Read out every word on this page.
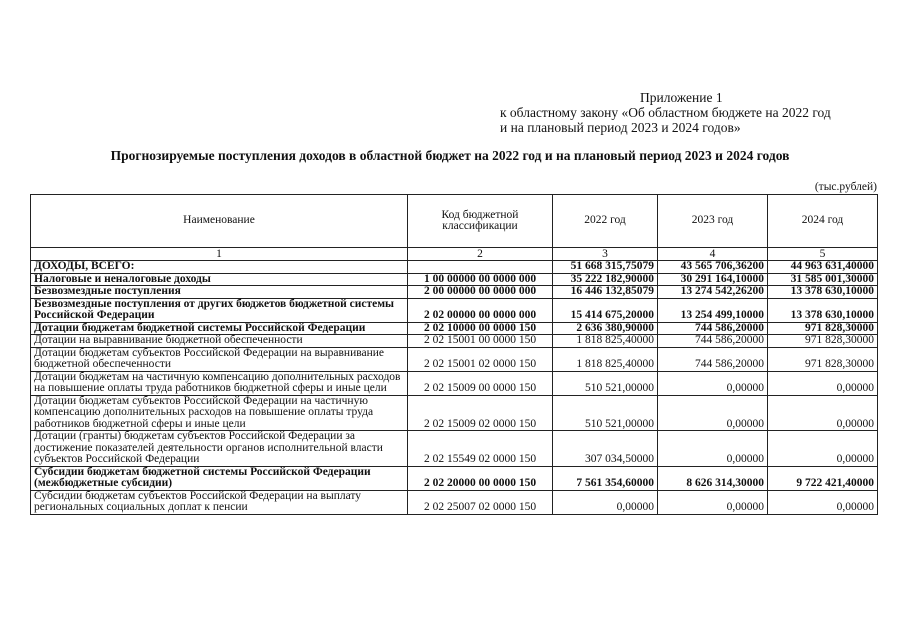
Приложение 1
к областному закону «Об областном бюджете на 2022 год
и на плановый период 2023 и 2024 годов»
Прогнозируемые поступления доходов в областной бюджет на 2022 год и на плановый период 2023 и 2024 годов
(тыс.рублей)
Наименование	Код бюджетной классификации	2022 год	2023 год	2024 год
1	2	3	4	5
ДОХОДЫ, ВСЕГО:		51 668 315,75079	43 565 706,36200	44 963 631,40000
Налоговые и неналоговые доходы	1 00 00000 00 0000 000	35 222 182,90000	30 291 164,10000	31 585 001,30000
Безвозмездные поступления	2 00 00000 00 0000 000	16 446 132,85079	13 274 542,26200	13 378 630,10000
Безвозмездные поступления от других бюджетов бюджетной системы Российской Федерации	2 02 00000 00 0000 000	15 414 675,20000	13 254 499,10000	13 378 630,10000
Дотации бюджетам бюджетной системы Российской Федерации	2 02 10000 00 0000 150	2 636 380,90000	744 586,20000	971 828,30000
Дотации на выравнивание бюджетной обеспеченности	2 02 15001 00 0000 150	1 818 825,40000	744 586,20000	971 828,30000
Дотации бюджетам субъектов Российской Федерации на выравнивание бюджетной обеспеченности	2 02 15001 02 0000 150	1 818 825,40000	744 586,20000	971 828,30000
Дотации бюджетам на частичную компенсацию дополнительных расходов на повышение оплаты труда работников бюджетной сферы и иные цели	2 02 15009 00 0000 150	510 521,00000	0,00000	0,00000
Дотации бюджетам субъектов Российской Федерации на частичную компенсацию дополнительных расходов на повышение оплаты труда работников бюджетной сферы и иные цели	2 02 15009 02 0000 150	510 521,00000	0,00000	0,00000
Дотации (гранты) бюджетам субъектов Российской Федерации за достижение показателей деятельности органов исполнительной власти субъектов Российской Федерации	2 02 15549 02 0000 150	307 034,50000	0,00000	0,00000
Субсидии бюджетам бюджетной системы Российской Федерации (межбюджетные субсидии)	2 02 20000 00 0000 150	7 561 354,60000	8 626 314,30000	9 722 421,40000
Субсидии бюджетам субъектов Российской Федерации на выплату региональных социальных доплат к пенсии	2 02 25007 02 0000 150	0,00000	0,00000	0,00000
